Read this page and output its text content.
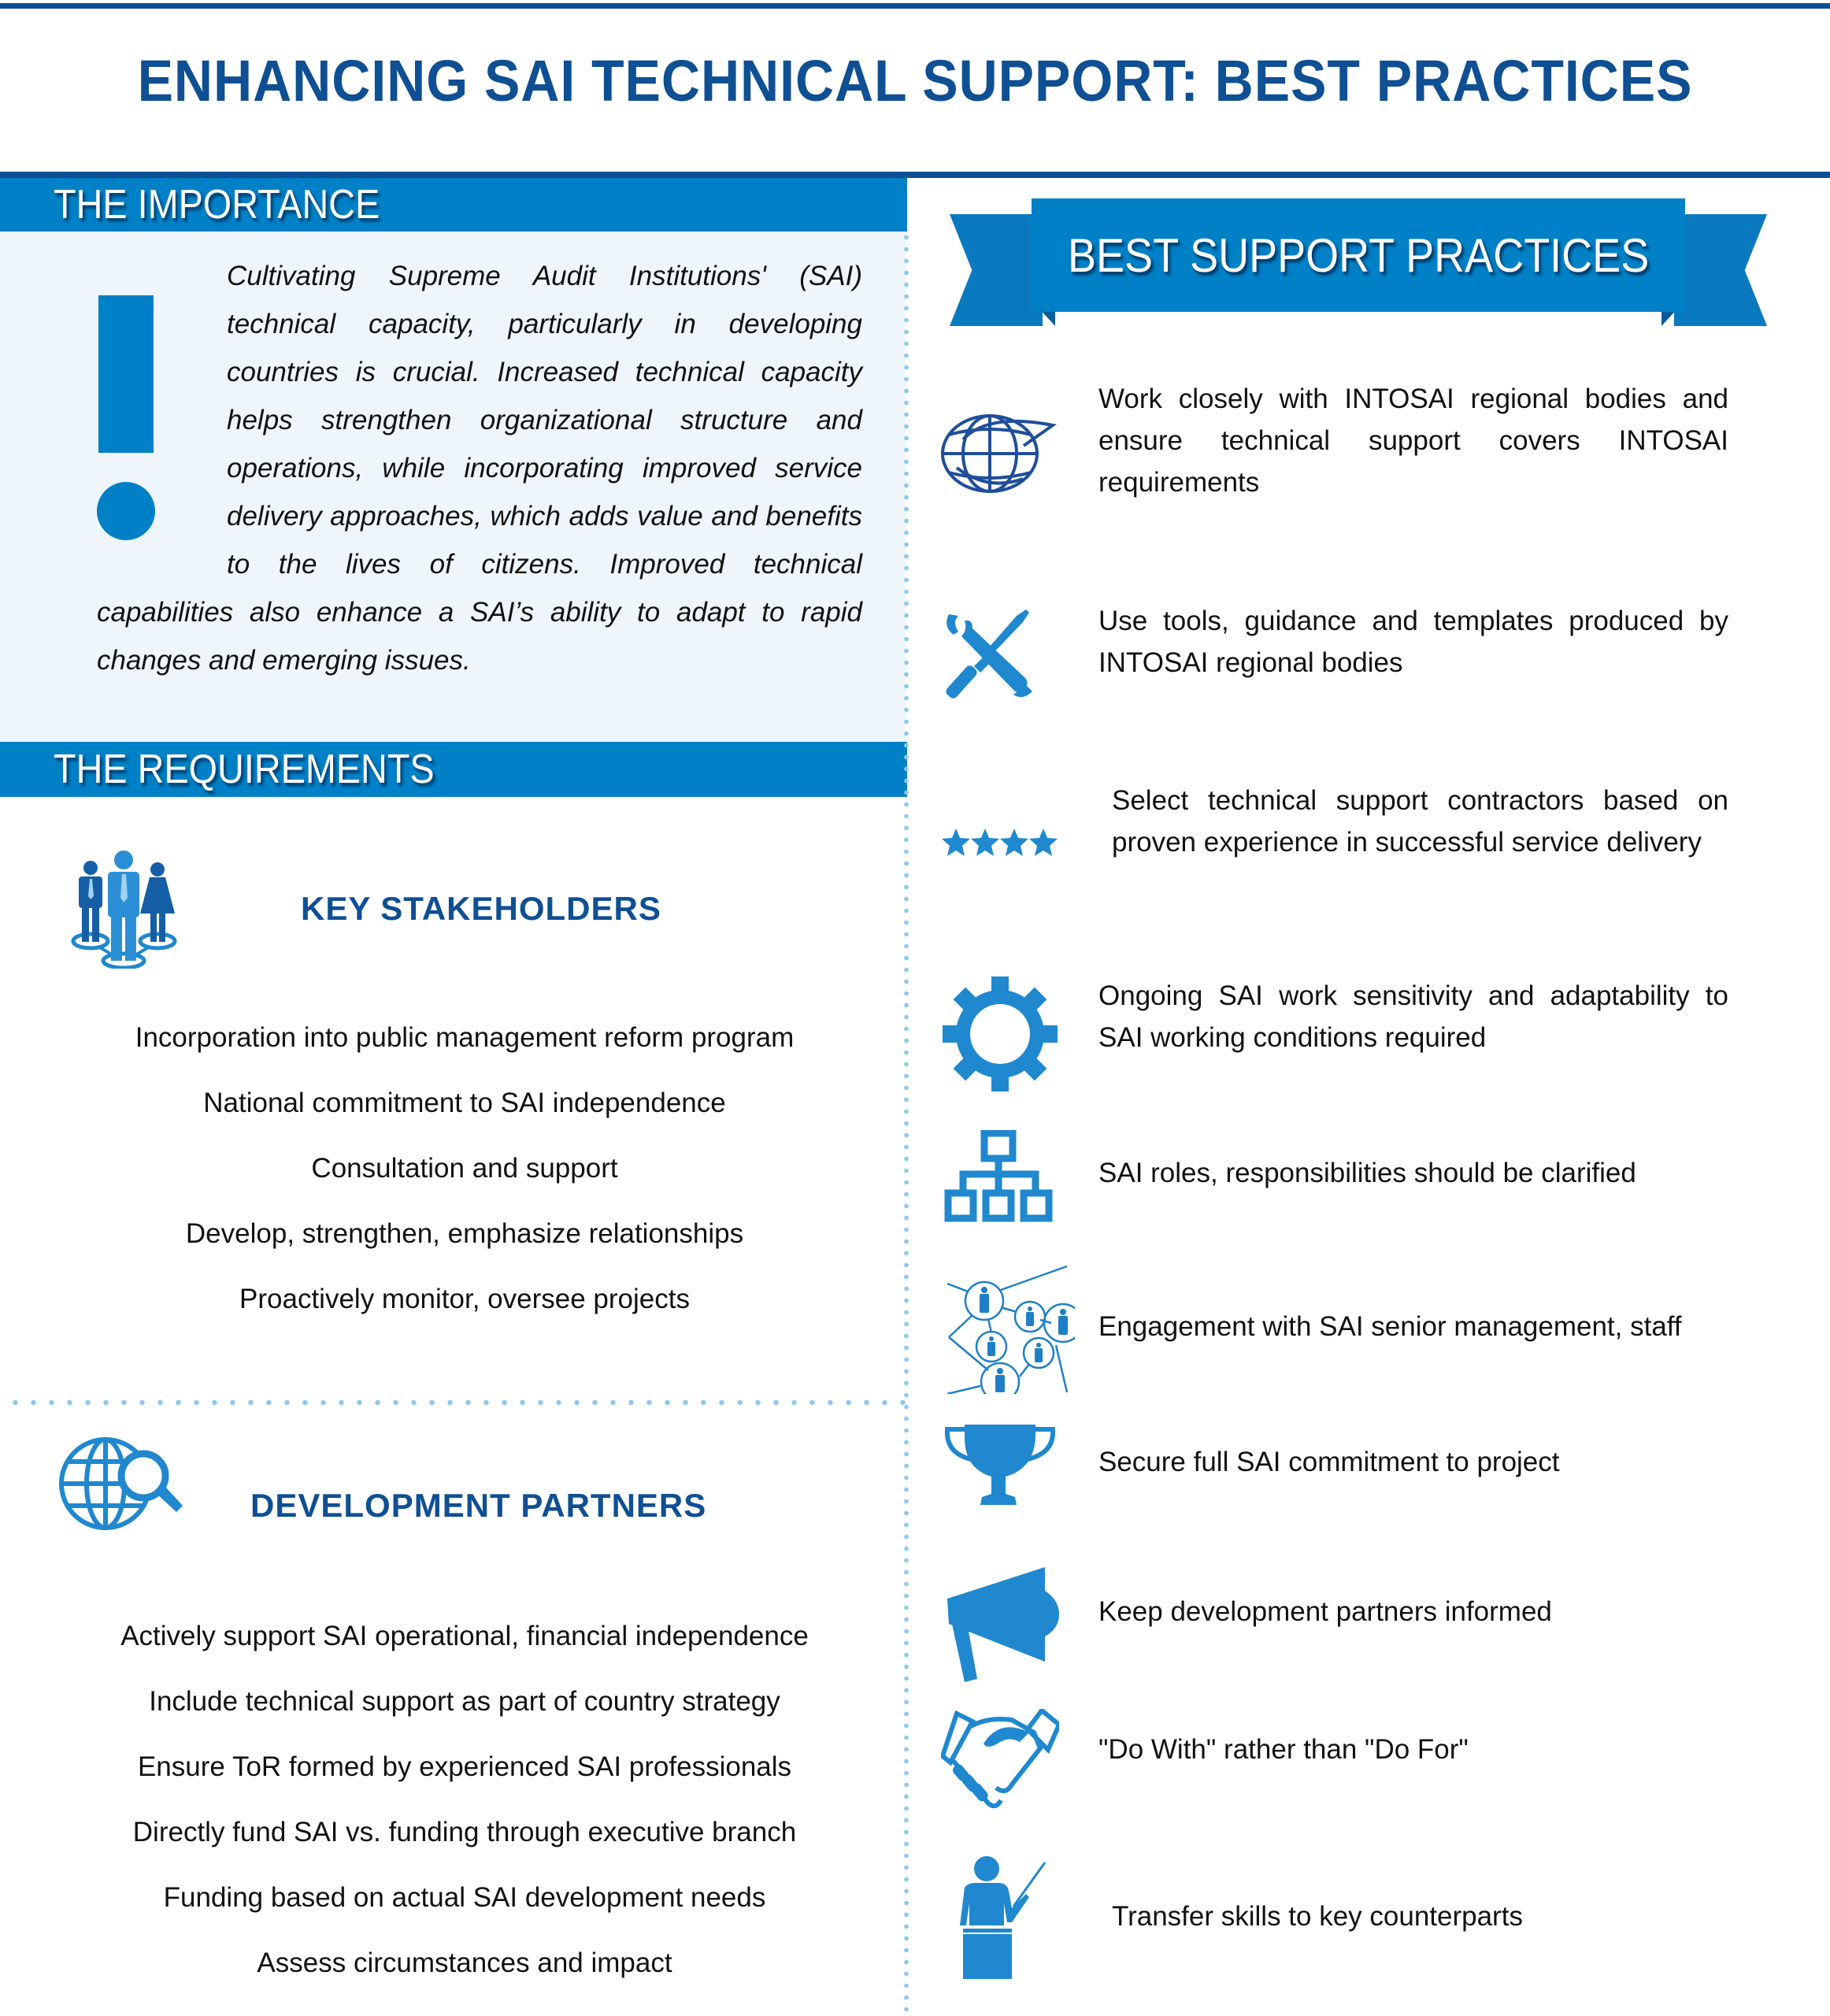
ENHANCING SAI TECHNICAL SUPPORT: BEST PRACTICES
THE IMPORTANCE

Cultivating Supreme Audit Institutions' (SAI) technical capacity, particularly in developing countries is crucial. Increased technical capacity helps strengthen organizational structure and operations, while incorporating improved service delivery approaches, which adds value and benefits to the lives of citizens. Improved technical capabilities also enhance a SAI’s ability to adapt to rapid changes and emerging issues.

THE REQUIREMENTS
KEY STAKEHOLDERS
Incorporation into public management reform program
National commitment to SAI independence
Consultation and support
Develop, strengthen, emphasize relationships
Proactively monitor, oversee projects
DEVELOPMENT PARTNERS
Actively support SAI operational, financial independence
Include technical support as part of country strategy
Ensure ToR formed by experienced SAI professionals
Directly fund SAI vs. funding through executive branch
Funding based on actual SAI development needs
Assess circumstances and impact
BEST SUPPORT PRACTICES
Work closely with INTOSAI regional bodies and ensure technical support covers INTOSAI requirements
Use tools, guidance and templates produced by INTOSAI regional bodies
Select technical support contractors based on proven experience in successful service delivery
Ongoing SAI work sensitivity and adaptability to SAI working conditions required
SAI roles, responsibilities should be clarified
Engagement with SAI senior management, staff
Secure full SAI commitment to project
Keep development partners informed
"Do With" rather than "Do For"
Transfer skills to key counterparts
